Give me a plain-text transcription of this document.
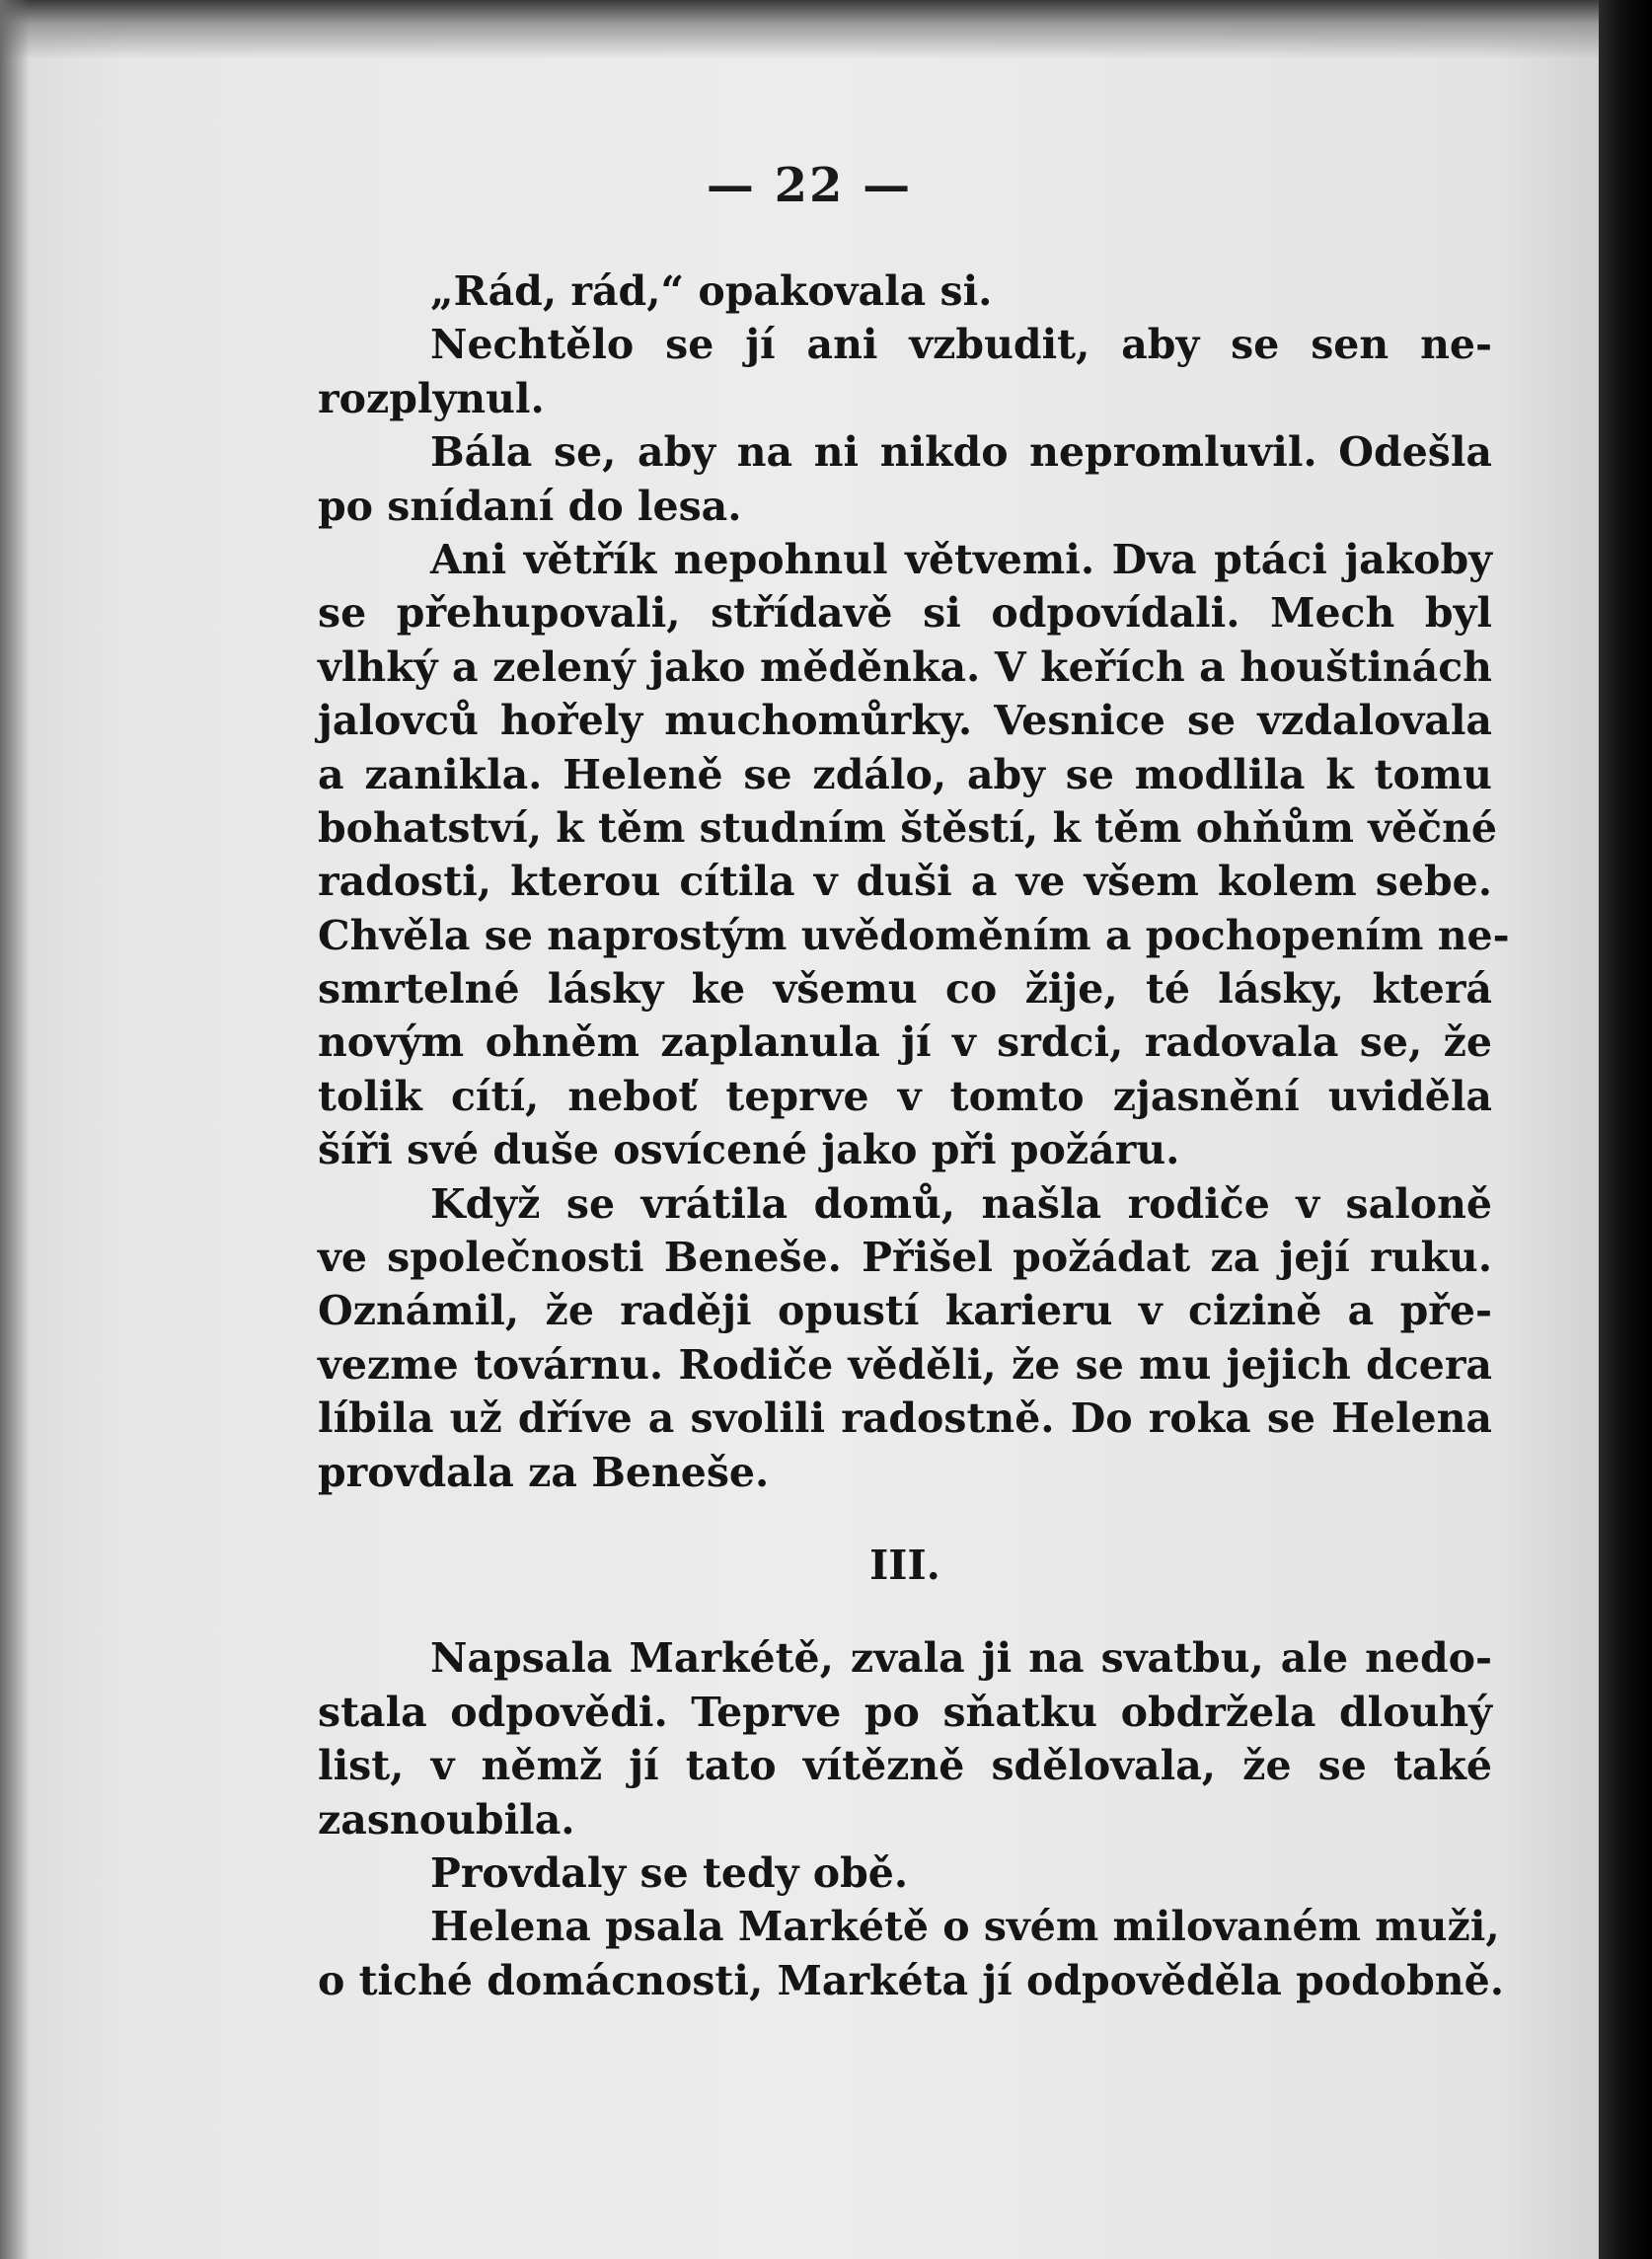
— 22 —
„Rád, rád,“ opakovala si.
Nechtělo se jí ani vzbudit, aby se sen ne-
rozplynul.
Bála se, aby na ni nikdo nepromluvil. Odešla
po snídaní do lesa.
Ani větřík nepohnul větvemi. Dva ptáci jakoby
se přehupovali, střídavě si odpovídali. Mech byl
vlhký a zelený jako měděnka. V keřích a houštinách
jalovců hořely muchomůrky. Vesnice se vzdalovala
a zanikla. Heleně se zdálo, aby se modlila k tomu
bohatství, k těm studním štěstí, k těm ohňům věčné
radosti, kterou cítila v duši a ve všem kolem sebe.
Chvěla se naprostým uvědoměním a pochopením ne-
smrtelné lásky ke všemu co žije, té lásky, která
novým ohněm zaplanula jí v srdci, radovala se, že
tolik cítí, neboť teprve v tomto zjasnění uviděla
šíři své duše osvícené jako při požáru.
Když se vrátila domů, našla rodiče v saloně
ve společnosti Beneše. Přišel požádat za její ruku.
Oznámil, že raději opustí karieru v cizině a pře-
vezme továrnu. Rodiče věděli, že se mu jejich dcera
líbila už dříve a svolili radostně. Do roka se Helena
provdala za Beneše.
III.
Napsala Markétě, zvala ji na svatbu, ale nedo-
stala odpovědi. Teprve po sňatku obdržela dlouhý
list, v němž jí tato vítězně sdělovala, že se také
zasnoubila.
Provdaly se tedy obě.
Helena psala Markétě o svém milovaném muži,
o tiché domácnosti, Markéta jí odpověděla podobně.
